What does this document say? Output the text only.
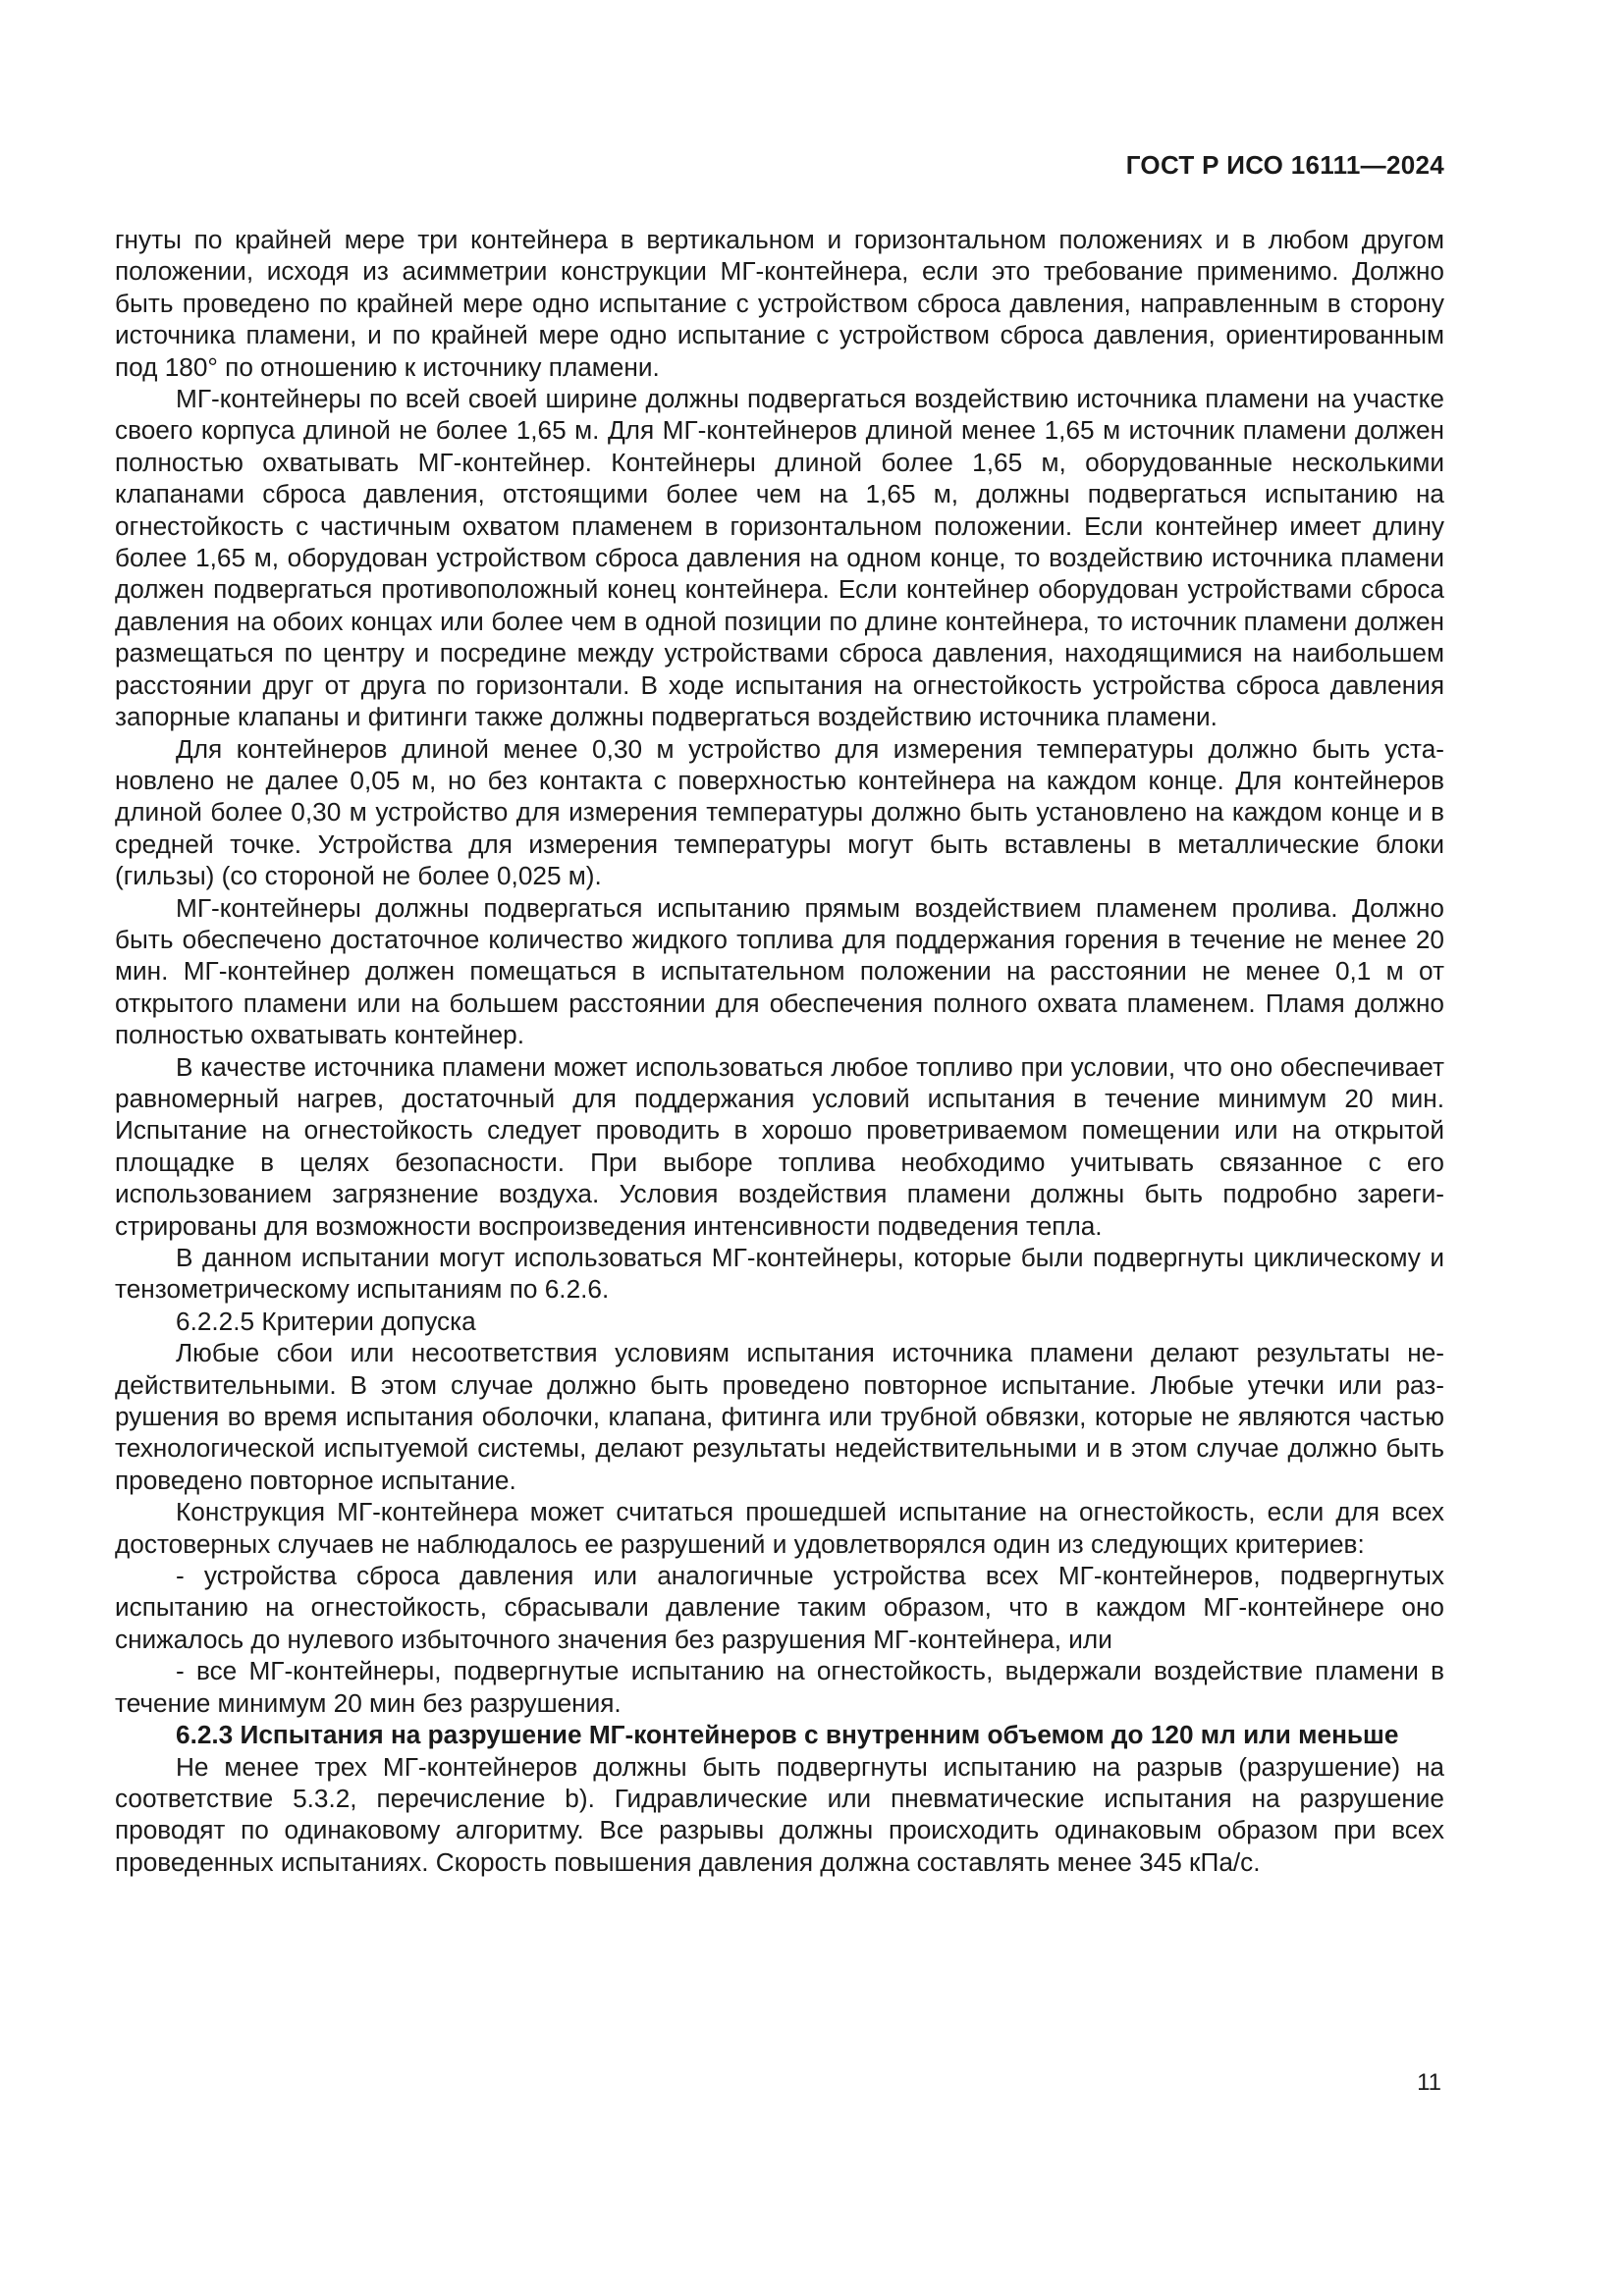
ГОСТ Р ИСО 16111—2024

гнуты по крайней мере три контейнера в вертикальном и горизонтальном положениях и в любом другом положении, исходя из асимметрии конструкции МГ-контейнера, если это требование применимо. Должно быть проведено по крайней мере одно испытание с устройством сброса давления, направленным в сторону источника пламени, и по крайней мере одно испытание с устройством сброса давления, ориентированным под 180° по отношению к источнику пламени.

МГ-контейнеры по всей своей ширине должны подвергаться воздействию источника пламени на участке своего корпуса длиной не более 1,65 м. Для МГ-контейнеров длиной менее 1,65 м источник пламени должен полностью охватывать МГ-контейнер. Контейнеры длиной более 1,65 м, оборудованные несколькими клапанами сброса давления, отстоящими более чем на 1,65 м, должны подвергаться испытанию на огнестойкость с частичным охватом пламенем в горизонтальном положении. Если контейнер имеет длину более 1,65 м, оборудован устройством сброса давления на одном конце, то воздействию источника пламени должен подвергаться противоположный конец контейнера. Если контейнер оборудован устройствами сброса давления на обоих концах или более чем в одной позиции по длине контейнера, то источник пламени должен размещаться по центру и посредине между устройствами сброса давления, находящимися на наибольшем расстоянии друг от друга по горизонтали. В ходе испытания на огнестойкость устройства сброса давления запорные клапаны и фитинги также должны подвергаться воздействию источника пламени.

Для контейнеров длиной менее 0,30 м устройство для измерения температуры должно быть установлено не далее 0,05 м, но без контакта с поверхностью контейнера на каждом конце. Для контейнеров длиной более 0,30 м устройство для измерения температуры должно быть установлено на каждом конце и в средней точке. Устройства для измерения температуры могут быть вставлены в металлические блоки (гильзы) (со стороной не более 0,025 м).

МГ-контейнеры должны подвергаться испытанию прямым воздействием пламенем пролива. Должно быть обеспечено достаточное количество жидкого топлива для поддержания горения в течение не менее 20 мин. МГ-контейнер должен помещаться в испытательном положении на расстоянии не менее 0,1 м от открытого пламени или на большем расстоянии для обеспечения полного охвата пламенем. Пламя должно полностью охватывать контейнер.

В качестве источника пламени может использоваться любое топливо при условии, что оно обеспечивает равномерный нагрев, достаточный для поддержания условий испытания в течение минимум 20 мин. Испытание на огнестойкость следует проводить в хорошо проветриваемом помещении или на открытой площадке в целях безопасности. При выборе топлива необходимо учитывать связанное с его использованием загрязнение воздуха. Условия воздействия пламени должны быть подробно зарегистрированы для возможности воспроизведения интенсивности подведения тепла.

В данном испытании могут использоваться МГ-контейнеры, которые были подвергнуты циклическому и тензометрическому испытаниям по 6.2.6.

6.2.2.5 Критерии допуска

Любые сбои или несоответствия условиям испытания источника пламени делают результаты недействительными. В этом случае должно быть проведено повторное испытание. Любые утечки или разрушения во время испытания оболочки, клапана, фитинга или трубной обвязки, которые не являются частью технологической испытуемой системы, делают результаты недействительными и в этом случае должно быть проведено повторное испытание.

Конструкция МГ-контейнера может считаться прошедшей испытание на огнестойкость, если для всех достоверных случаев не наблюдалось ее разрушений и удовлетворялся один из следующих критериев:

- устройства сброса давления или аналогичные устройства всех МГ-контейнеров, подвергнутых испытанию на огнестойкость, сбрасывали давление таким образом, что в каждом МГ-контейнере оно снижалось до нулевого избыточного значения без разрушения МГ-контейнера, или

- все МГ-контейнеры, подвергнутые испытанию на огнестойкость, выдержали воздействие пламени в течение минимум 20 мин без разрушения.

6.2.3 Испытания на разрушение МГ-контейнеров с внутренним объемом до 120 мл или меньше

Не менее трех МГ-контейнеров должны быть подвергнуты испытанию на разрыв (разрушение) на соответствие 5.3.2, перечисление b). Гидравлические или пневматические испытания на разрушение проводят по одинаковому алгоритму. Все разрывы должны происходить одинаковым образом при всех проведенных испытаниях. Скорость повышения давления должна составлять менее 345 кПа/с.

11
